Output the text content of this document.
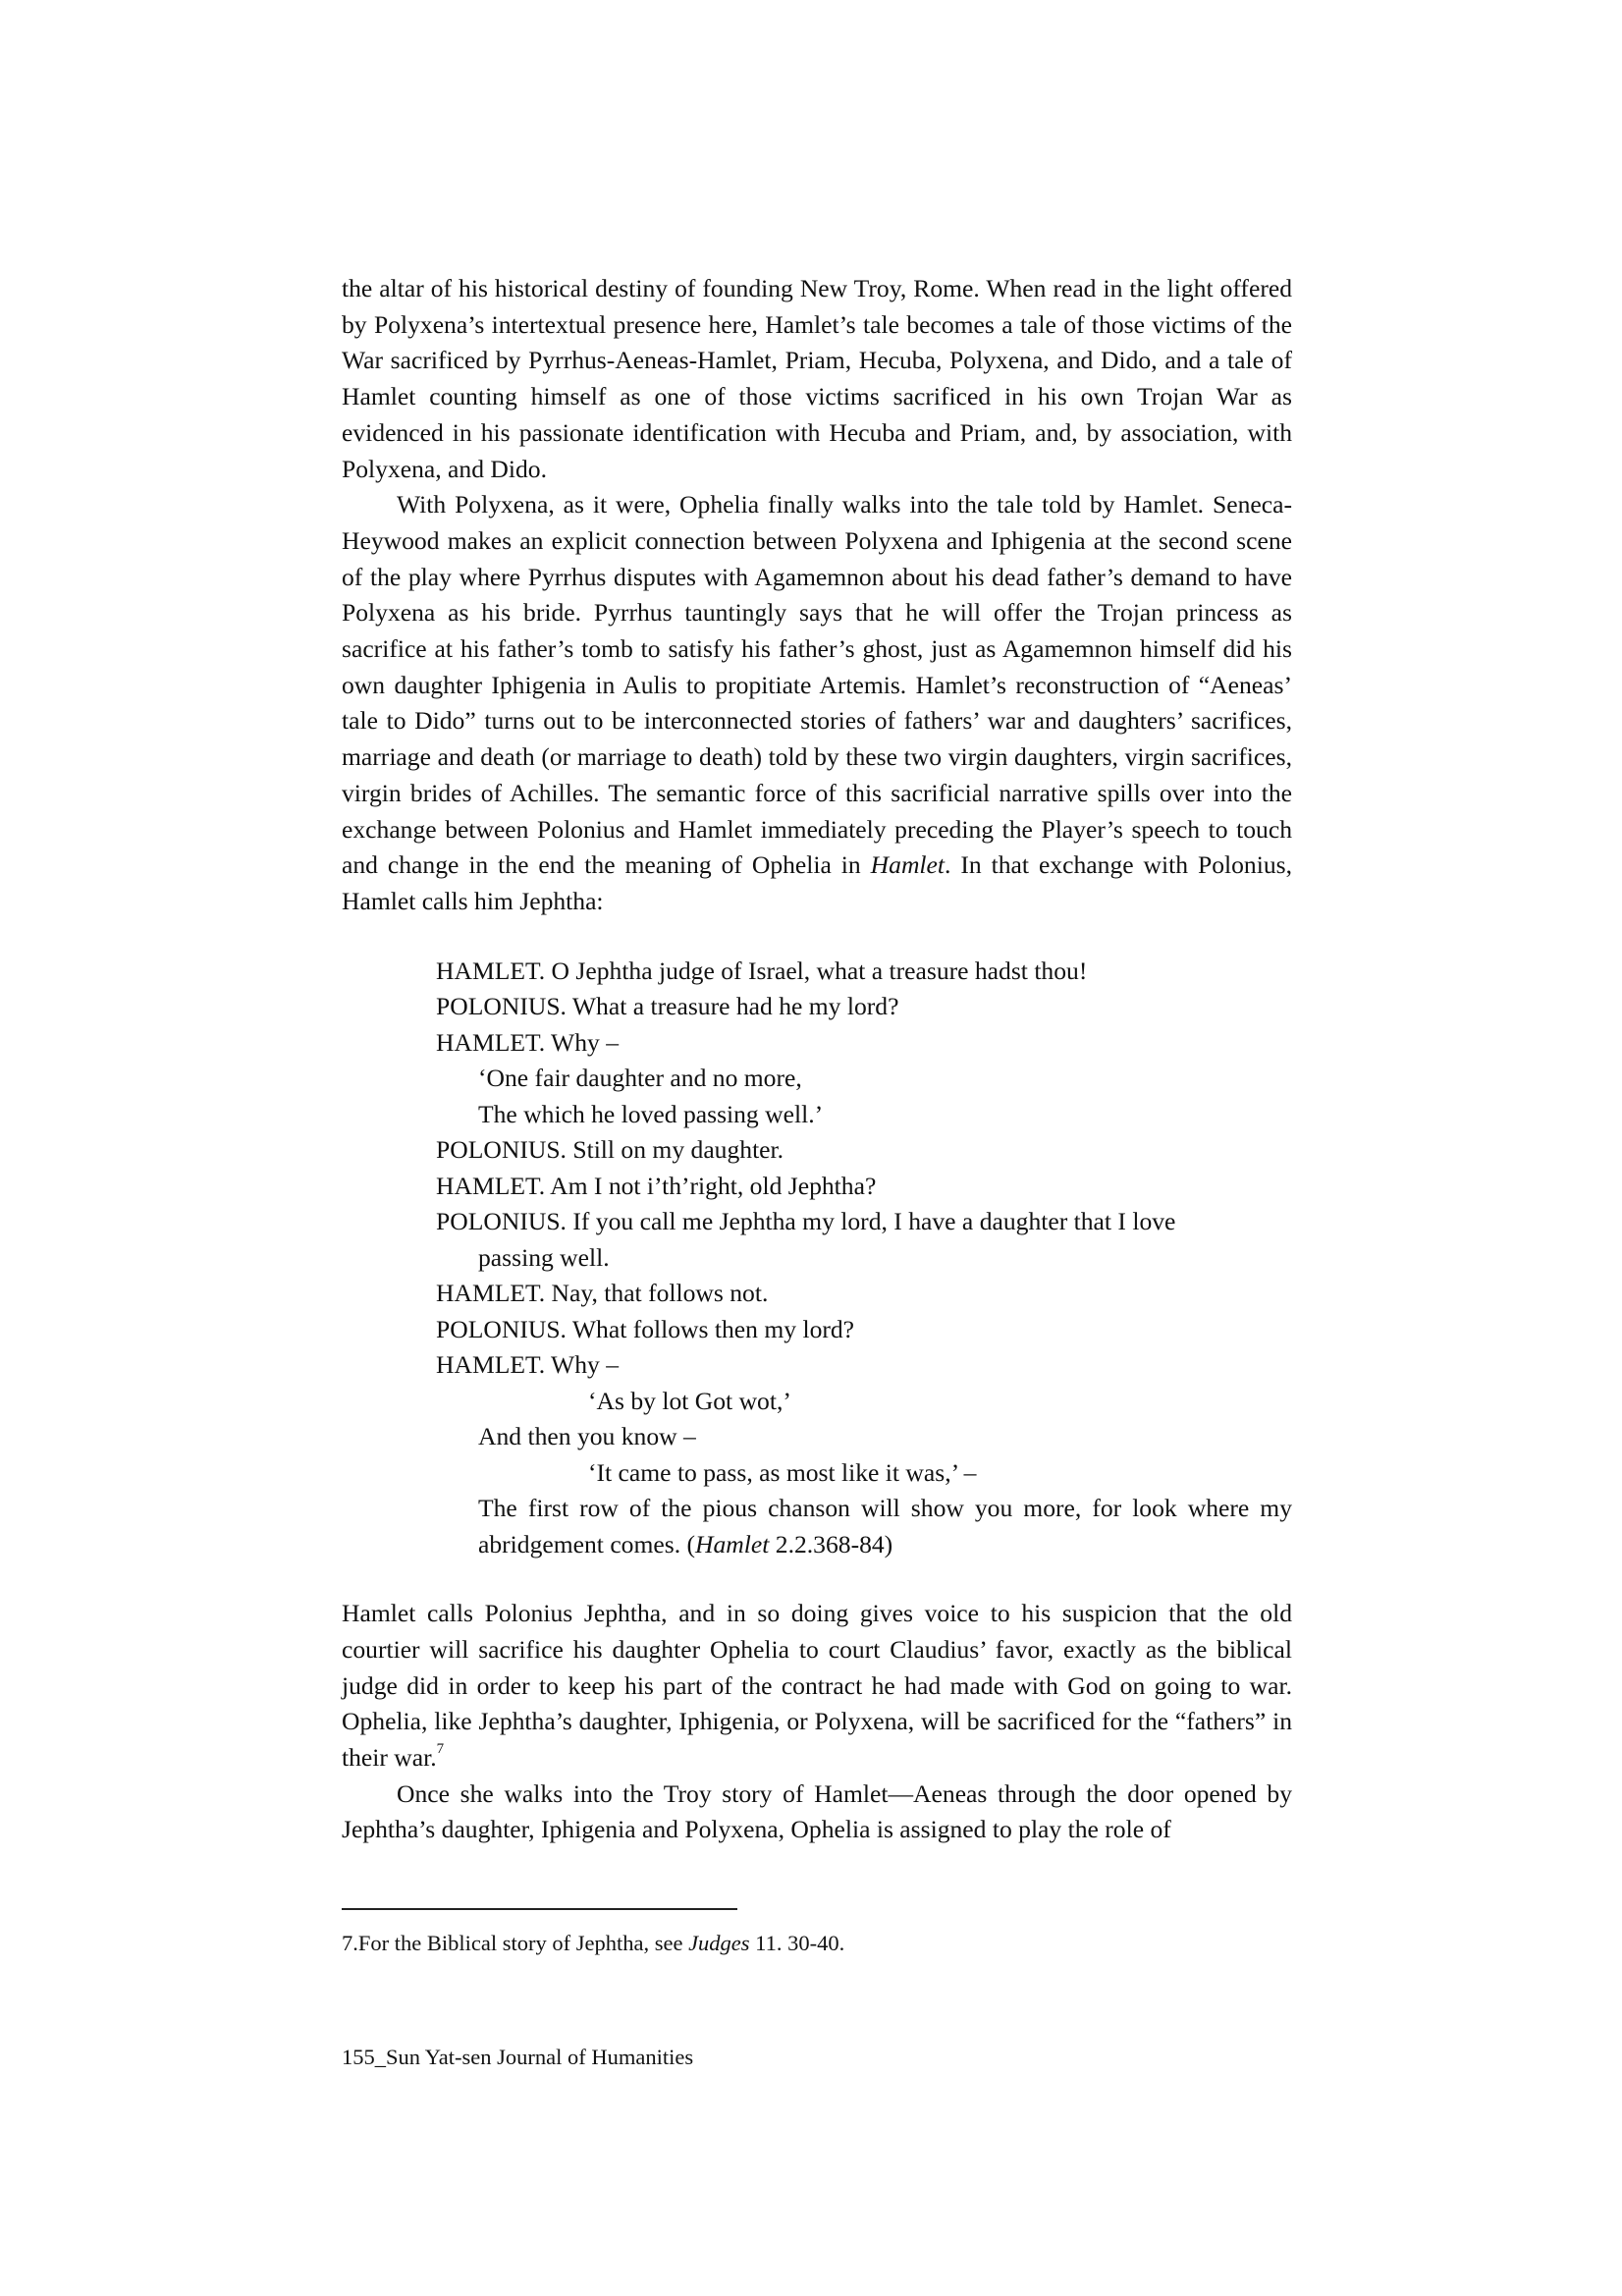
the altar of his historical destiny of founding New Troy, Rome. When read in the light offered by Polyxena’s intertextual presence here, Hamlet’s tale becomes a tale of those victims of the War sacrificed by Pyrrhus-Aeneas-Hamlet, Priam, Hecuba, Polyxena, and Dido, and a tale of Hamlet counting himself as one of those victims sacrificed in his own Trojan War as evidenced in his passionate identification with Hecuba and Priam, and, by association, with Polyxena, and Dido.

With Polyxena, as it were, Ophelia finally walks into the tale told by Hamlet. Seneca-Heywood makes an explicit connection between Polyxena and Iphigenia at the second scene of the play where Pyrrhus disputes with Agamemnon about his dead father’s demand to have Polyxena as his bride. Pyrrhus tauntingly says that he will offer the Trojan princess as sacrifice at his father’s tomb to satisfy his father’s ghost, just as Agamemnon himself did his own daughter Iphigenia in Aulis to propitiate Artemis. Hamlet’s reconstruction of “Aeneas’ tale to Dido” turns out to be interconnected stories of fathers’ war and daughters’ sacrifices, marriage and death (or marriage to death) told by these two virgin daughters, virgin sacrifices, virgin brides of Achilles. The semantic force of this sacrificial narrative spills over into the exchange between Polonius and Hamlet immediately preceding the Player’s speech to touch and change in the end the meaning of Ophelia in Hamlet. In that exchange with Polonius, Hamlet calls him Jephtha:

HAMLET. O Jephtha judge of Israel, what a treasure hadst thou!
POLONIUS. What a treasure had he my lord?
HAMLET. Why –
‘One fair daughter and no more,
The which he loved passing well.’
POLONIUS. Still on my daughter.
HAMLET. Am I not i’th’right, old Jephtha?
POLONIUS. If you call me Jephtha my lord, I have a daughter that I love passing well.
HAMLET. Nay, that follows not.
POLONIUS. What follows then my lord?
HAMLET. Why –
‘As by lot Got wot,’
And then you know –
‘It came to pass, as most like it was,’ –
The first row of the pious chanson will show you more, for look where my abridgement comes. (Hamlet 2.2.368-84)

Hamlet calls Polonius Jephtha, and in so doing gives voice to his suspicion that the old courtier will sacrifice his daughter Ophelia to court Claudius’ favor, exactly as the biblical judge did in order to keep his part of the contract he had made with God on going to war. Ophelia, like Jephtha’s daughter, Iphigenia, or Polyxena, will be sacrificed for the “fathers” in their war.$^7$

Once she walks into the Troy story of Hamlet—Aeneas through the door opened by Jephtha’s daughter, Iphigenia and Polyxena, Ophelia is assigned to play the role of

7.For the Biblical story of Jephtha, see Judges 11. 30-40.
155_Sun Yat-sen Journal of Humanities
